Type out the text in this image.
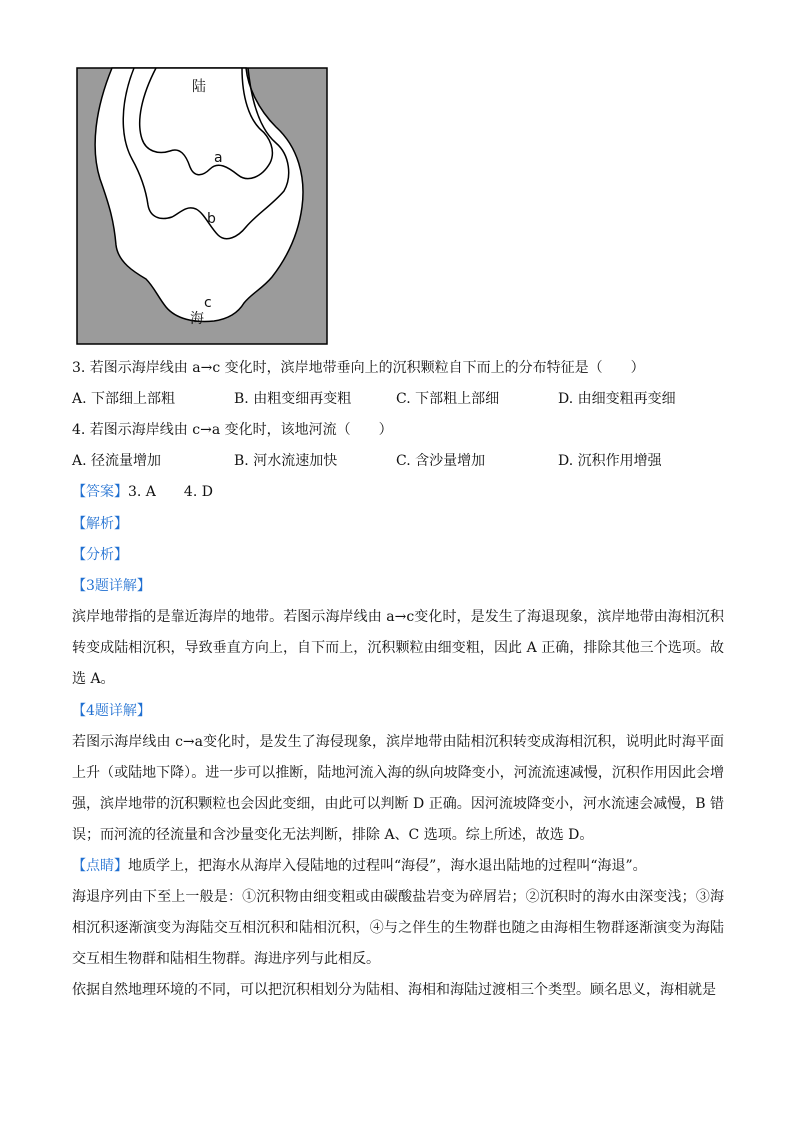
陆
a
b
c
海
3. 若图示海岸线由 a→c 变化时，滨岸地带垂向上的沉积颗粒自下而上的分布特征是（　　）
A. 下部细上部粗	B. 由粗变细再变粗	C. 下部粗上部细	D. 由细变粗再变细
4. 若图示海岸线由 c→a 变化时，该地河流（　　）
A. 径流量增加	B. 河水流速加快	C. 含沙量增加	D. 沉积作用增强
【答案】3. A　　4. D
【解析】
【分析】
【3题详解】
滨岸地带指的是靠近海岸的地带。若图示海岸线由 a→c变化时，是发生了海退现象，滨岸地带由海相沉积转变成陆相沉积，导致垂直方向上，自下而上，沉积颗粒由细变粗，因此 A 正确，排除其他三个选项。故选 A。
【4题详解】
若图示海岸线由 c→a变化时，是发生了海侵现象，滨岸地带由陆相沉积转变成海相沉积，说明此时海平面上升（或陆地下降）。进一步可以推断，陆地河流入海的纵向坡降变小，河流流速减慢，沉积作用因此会增强，滨岸地带的沉积颗粒也会因此变细，由此可以判断 D 正确。因河流坡降变小，河水流速会减慢，B 错误；而河流的径流量和含沙量变化无法判断，排除 A、C 选项。综上所述，故选 D。
【点睛】地质学上，把海水从海岸入侵陆地的过程叫“海侵”，海水退出陆地的过程叫“海退”。
海退序列由下至上一般是：①沉积物由细变粗或由碳酸盐岩变为碎屑岩；②沉积时的海水由深变浅；③海相沉积逐渐演变为海陆交互相沉积和陆相沉积，④与之伴生的生物群也随之由海相生物群逐渐演变为海陆交互相生物群和陆相生物群。海进序列与此相反。
依据自然地理环境的不同，可以把沉积相划分为陆相、海相和海陆过渡相三个类型。顾名思义，海相就是
